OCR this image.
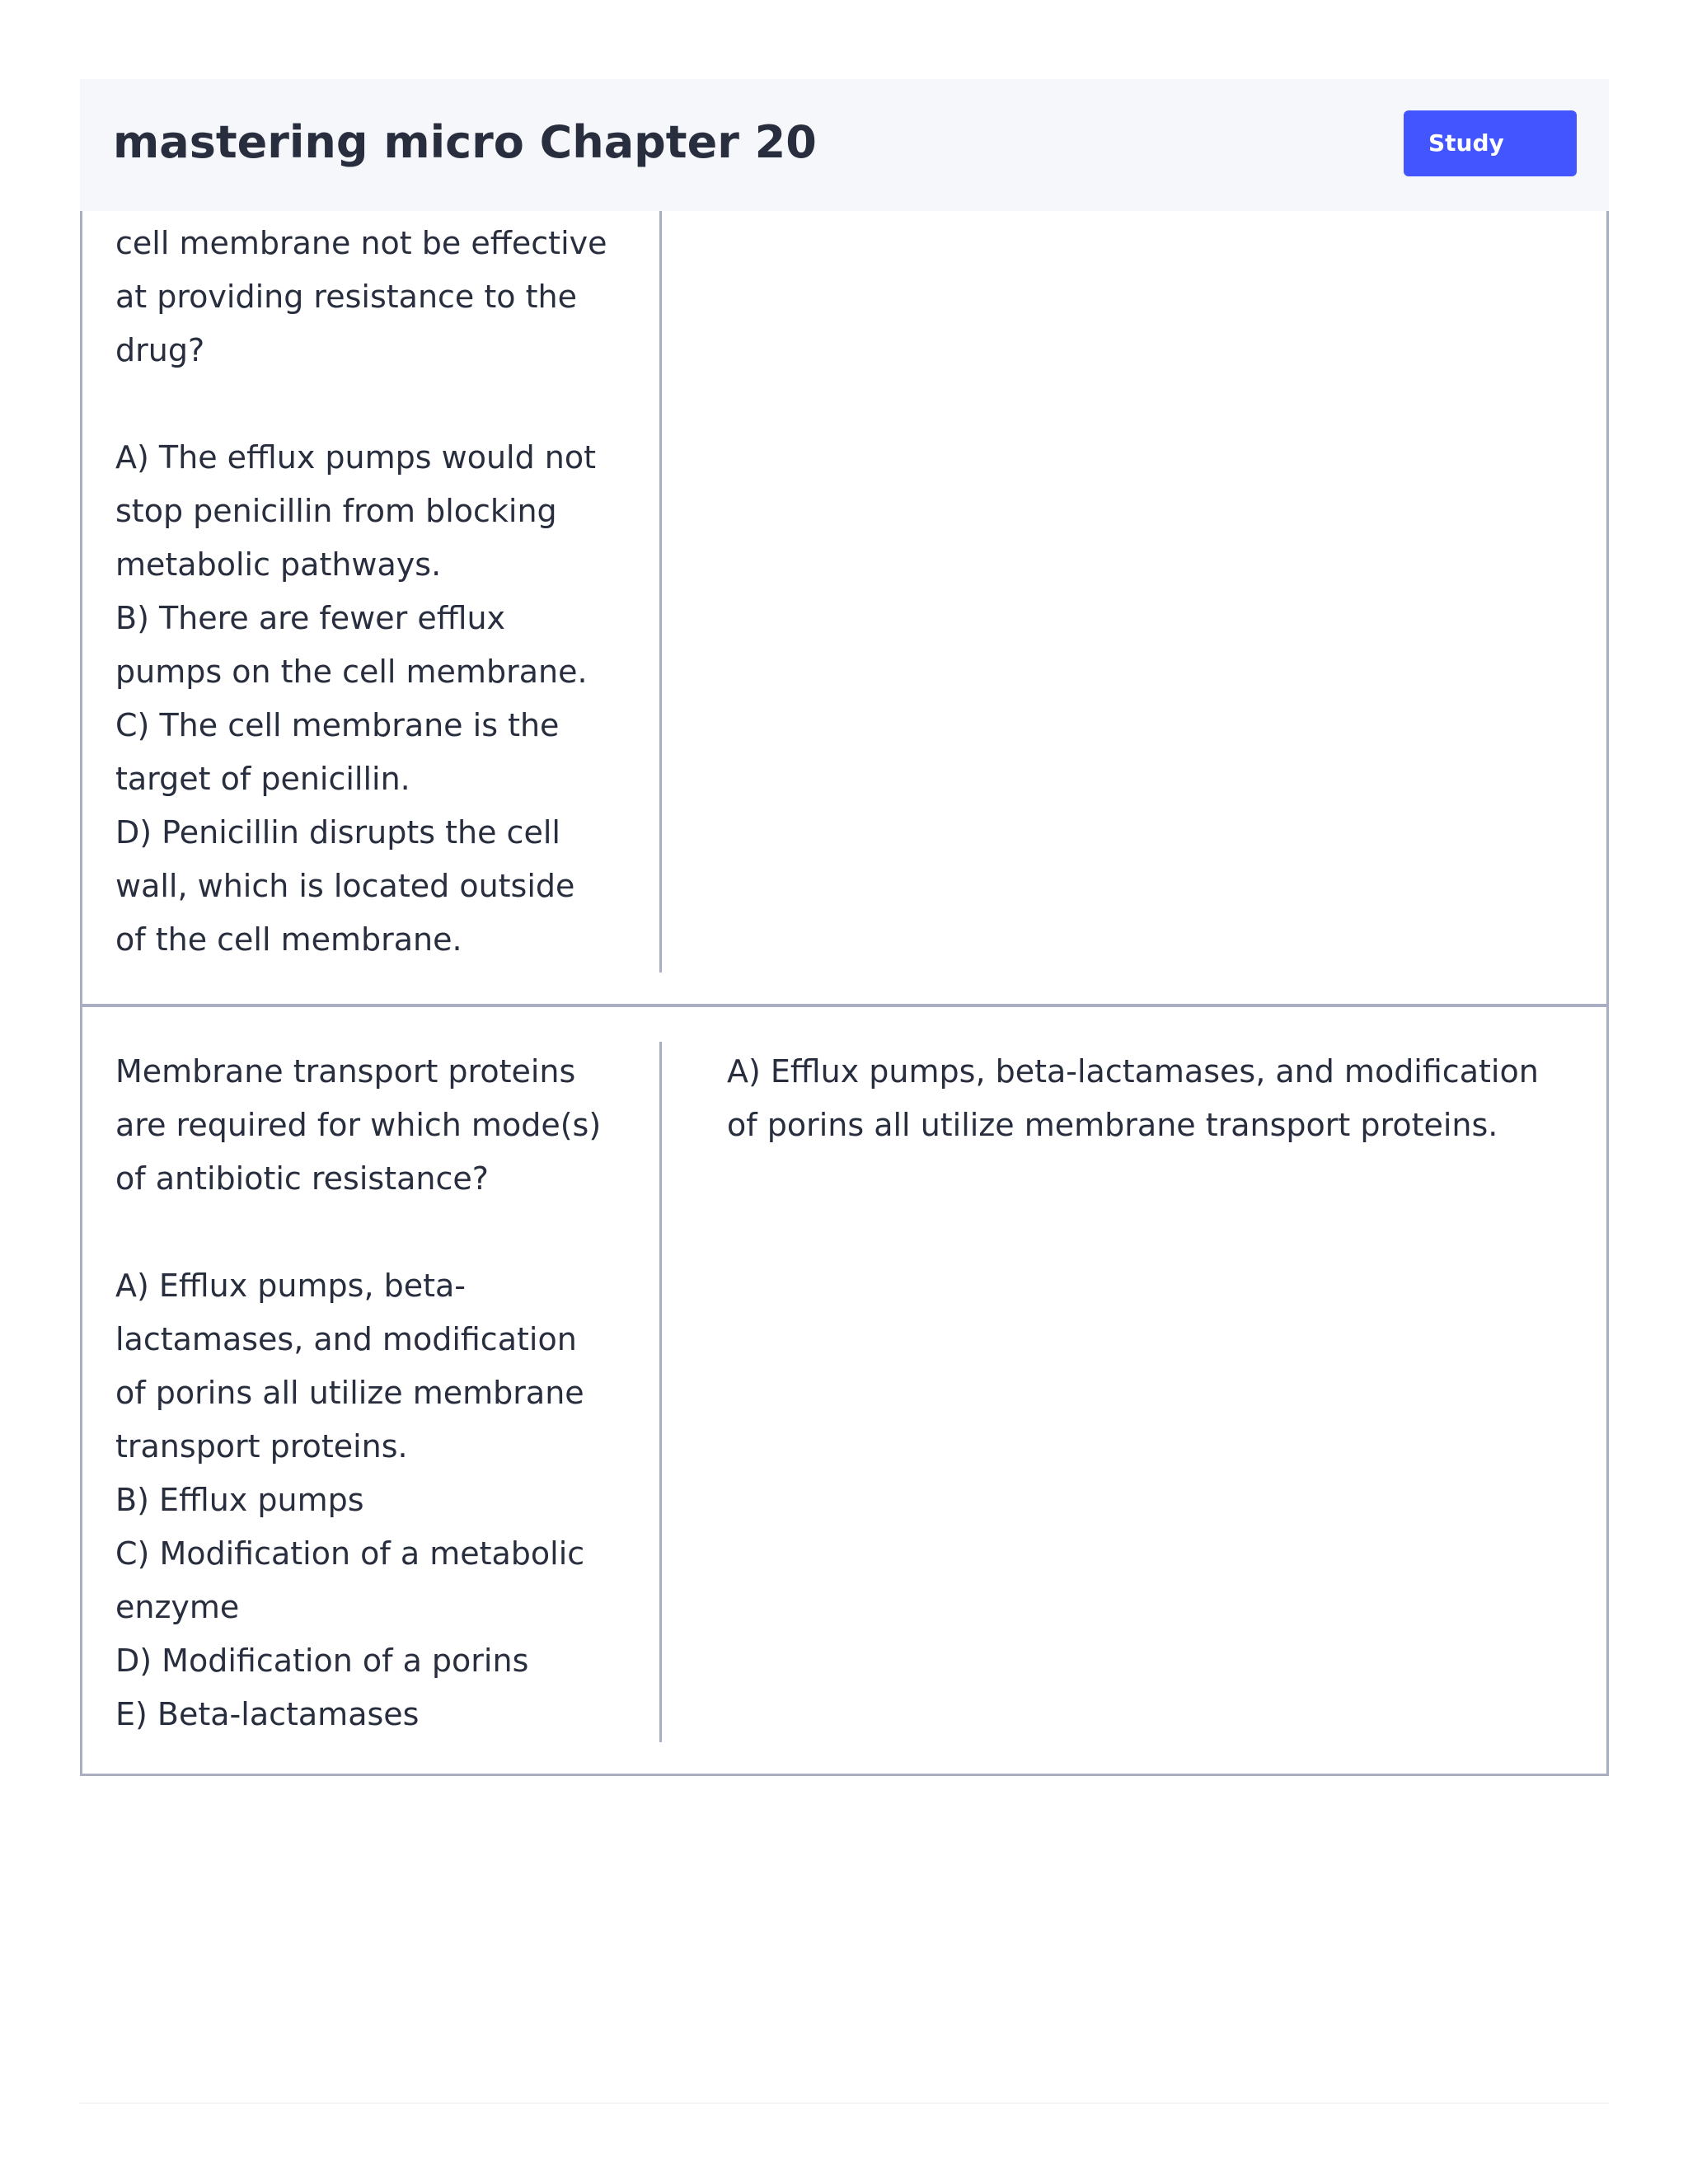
cell membrane not be effective
at providing resistance to the
drug?

A) The efflux pumps would not
stop penicillin from blocking
metabolic pathways.
B) There are fewer efflux
pumps on the cell membrane.
C) The cell membrane is the
target of penicillin.
D) Penicillin disrupts the cell
wall, which is located outside
of the cell membrane.

Membrane transport proteins
are required for which mode(s)
of antibiotic resistance?

A) Efflux pumps, beta-
lactamases, and modification
of porins all utilize membrane
transport proteins.
B) Efflux pumps
C) Modification of a metabolic
enzyme
D) Modification of a porins
E) Beta-lactamases

A) Efflux pumps, beta-lactamases, and modification
of porins all utilize membrane transport proteins.

mastering micro Chapter 20	Study
